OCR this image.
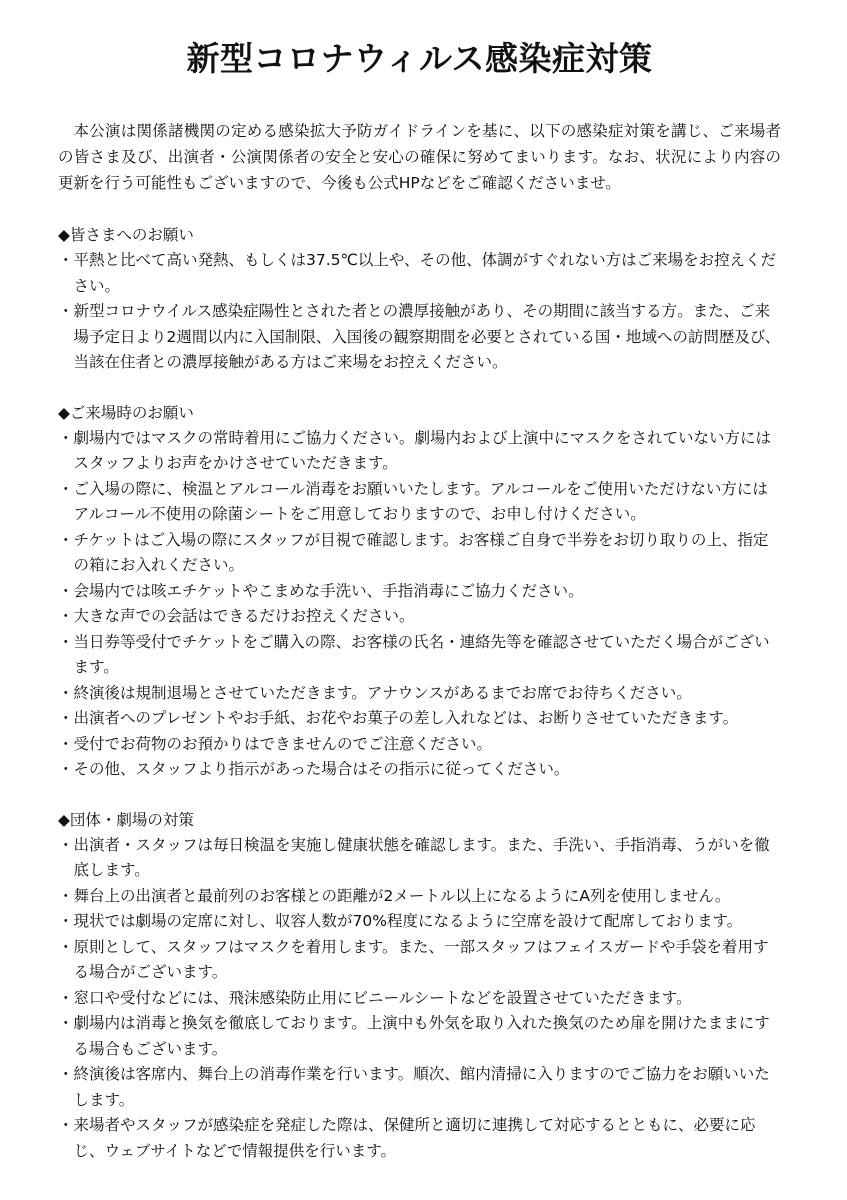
新型コロナウィルス感染症対策

本公演は関係諸機関の定める感染拡大予防ガイドラインを基に、以下の感染症対策を講じ、ご来場者の皆さま及び、出演者・公演関係者の安全と安心の確保に努めてまいります。なお、状況により内容の更新を行う可能性もございますので、今後も公式HPなどをご確認くださいませ。

◆皆さまへのお願い

・平熱と比べて高い発熱、もしくは37.5℃以上や、その他、体調がすぐれない方はご来場をお控えください。
・新型コロナウイルス感染症陽性とされた者との濃厚接触があり、その期間に該当する方。また、ご来場予定日より2週間以内に入国制限、入国後の観察期間を必要とされている国・地域への訪問歴及び、当該在住者との濃厚接触がある方はご来場をお控えください。

◆ご来場時のお願い

・劇場内ではマスクの常時着用にご協力ください。劇場内および上演中にマスクをされていない方にはスタッフよりお声をかけさせていただきます。
・ご入場の際に、検温とアルコール消毒をお願いいたします。アルコールをご使用いただけない方にはアルコール不使用の除菌シートをご用意しておりますので、お申し付けください。
・チケットはご入場の際にスタッフが目視で確認します。お客様ご自身で半券をお切り取りの上、指定の箱にお入れください。
・会場内では咳エチケットやこまめな手洗い、手指消毒にご協力ください。
・大きな声での会話はできるだけお控えください。
・当日券等受付でチケットをご購入の際、お客様の氏名・連絡先等を確認させていただく場合がございます。
・終演後は規制退場とさせていただきます。アナウンスがあるまでお席でお待ちください。
・出演者へのプレゼントやお手紙、お花やお菓子の差し入れなどは、お断りさせていただきます。
・受付でお荷物のお預かりはできませんのでご注意ください。
・その他、スタッフより指示があった場合はその指示に従ってください。

◆団体・劇場の対策

・出演者・スタッフは毎日検温を実施し健康状態を確認します。また、手洗い、手指消毒、うがいを徹底します。
・舞台上の出演者と最前列のお客様との距離が2メートル以上になるようにA列を使用しません。
・現状では劇場の定席に対し、収容人数が70%程度になるように空席を設けて配席しております。
・原則として、スタッフはマスクを着用します。また、一部スタッフはフェイスガードや手袋を着用する場合がございます。
・窓口や受付などには、飛沫感染防止用にビニールシートなどを設置させていただきます。
・劇場内は消毒と換気を徹底しております。上演中も外気を取り入れた換気のため扉を開けたままにする場合もございます。
・終演後は客席内、舞台上の消毒作業を行います。順次、館内清掃に入りますのでご協力をお願いいたします。
・来場者やスタッフが感染症を発症した際は、保健所と適切に連携して対応するとともに、必要に応じ、ウェブサイトなどで情報提供を行います。
